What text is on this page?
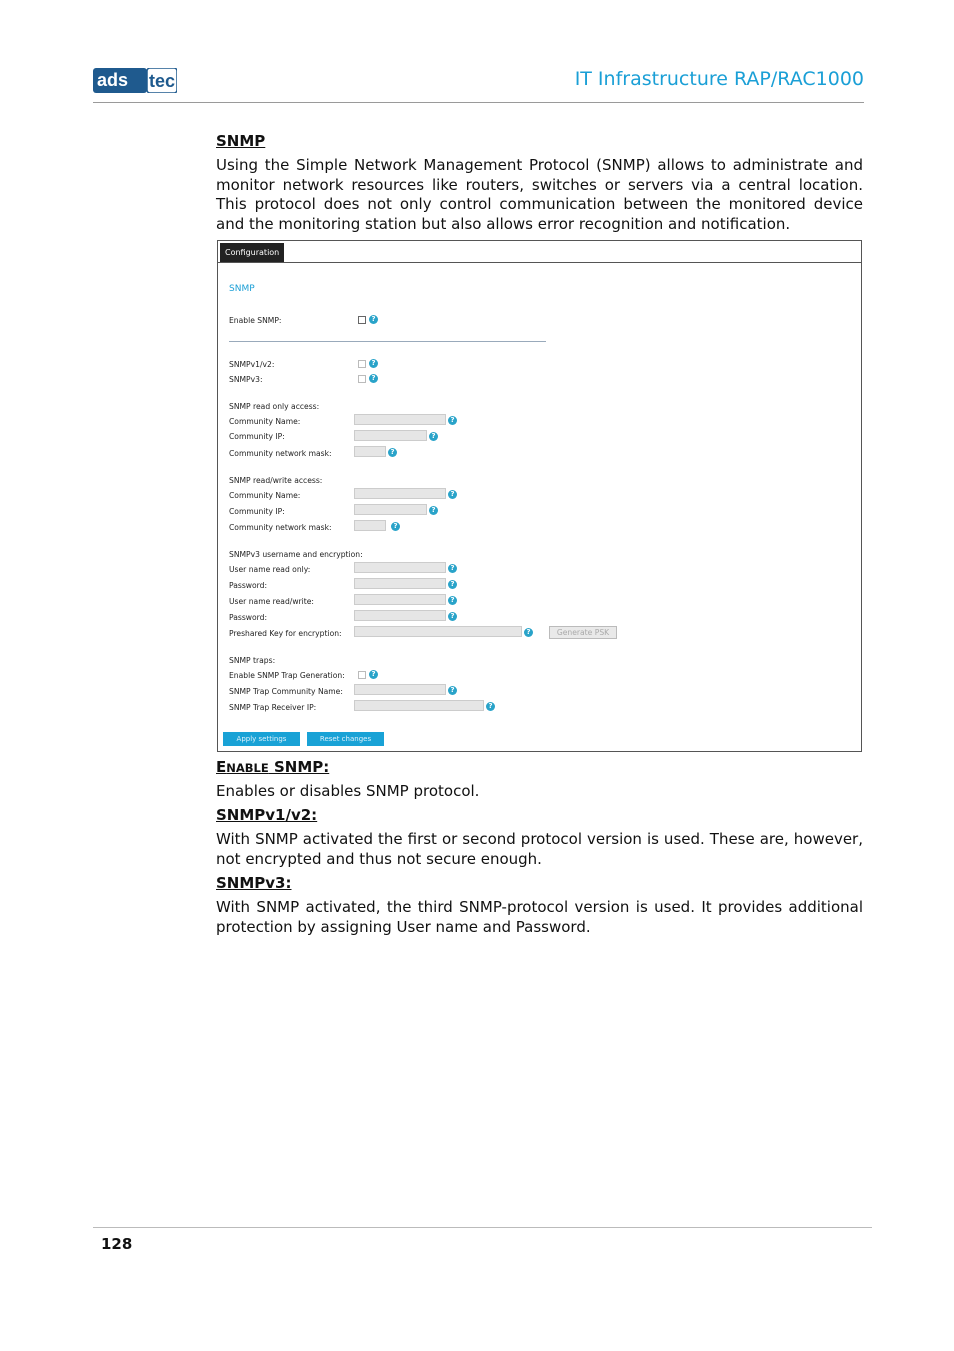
ads tec	IT Infrastructure RAP/RAC1000
SNMP
Using the Simple Network Management Protocol (SNMP) allows to administrate and monitor network resources like routers, switches or servers via a central location. This protocol does not only control communication between the monitored device and the monitoring station but also allows error recognition and notification.
Configuration
SNMP
Enable SNMP:	?
SNMPv1/v2:	?
SNMPv3:	?
SNMP read only access:
Community Name:	?
Community IP:	?
Community network mask:	?
SNMP read/write access:
Community Name:	?
Community IP:	?
Community network mask:	?
SNMPv3 username and encryption:
User name read only:	?
Password:	?
User name read/write:	?
Password:	?
Preshared Key for encryption:	?	Generate PSK
SNMP traps:
Enable SNMP Trap Generation:	?
SNMP Trap Community Name:	?
SNMP Trap Receiver IP:	?
Apply settings	Reset changes
ENABLE SNMP:
Enables or disables SNMP protocol.
SNMPv1/v2:
With SNMP activated the first or second protocol version is used. These are, however, not encrypted and thus not secure enough.
SNMPv3:
With SNMP activated, the third SNMP-protocol version is used. It provides additional protection by assigning User name and Password.
128
